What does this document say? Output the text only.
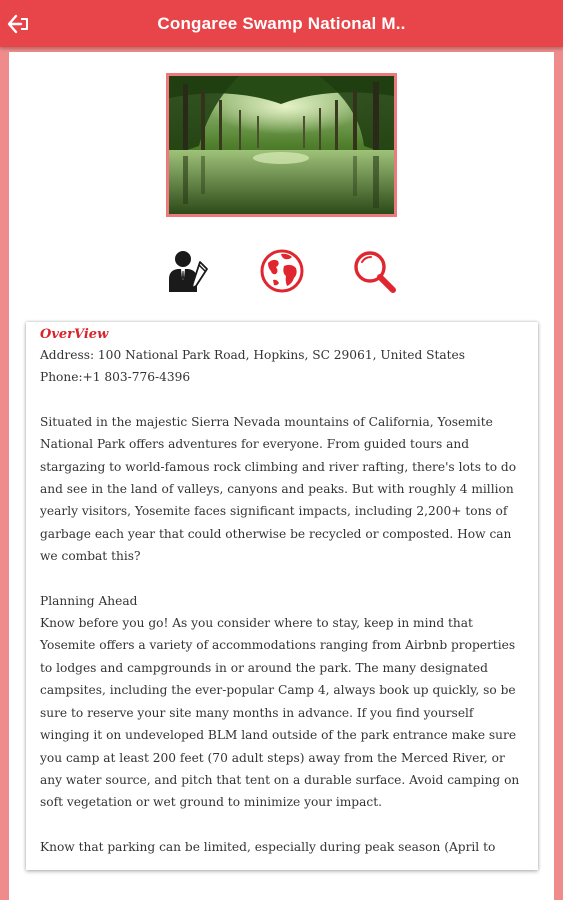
Congaree Swamp National M..
OverView
Address: 100 National Park Road, Hopkins, SC 29061, United States
Phone:+1 803-776-4396

Situated in the majestic Sierra Nevada mountains of California, Yosemite National Park offers adventures for everyone. From guided tours and stargazing to world-famous rock climbing and river rafting, there's lots to do and see in the land of valleys, canyons and peaks. But with roughly 4 million yearly visitors, Yosemite faces significant impacts, including 2,200+ tons of garbage each year that could otherwise be recycled or composted. How can we combat this?

Planning Ahead

Know before you go! As you consider where to stay, keep in mind that Yosemite offers a variety of accommodations ranging from Airbnb properties to lodges and campgrounds in or around the park. The many designated campsites, including the ever-popular Camp 4, always book up quickly, so be sure to reserve your site many months in advance. If you find yourself winging it on undeveloped BLM land outside of the park entrance make sure you camp at least 200 feet (70 adult steps) away from the Merced River, or any water source, and pitch that tent on a durable surface. Avoid camping on soft vegetation or wet ground to minimize your impact.

Know that parking can be limited, especially during peak season (April to
